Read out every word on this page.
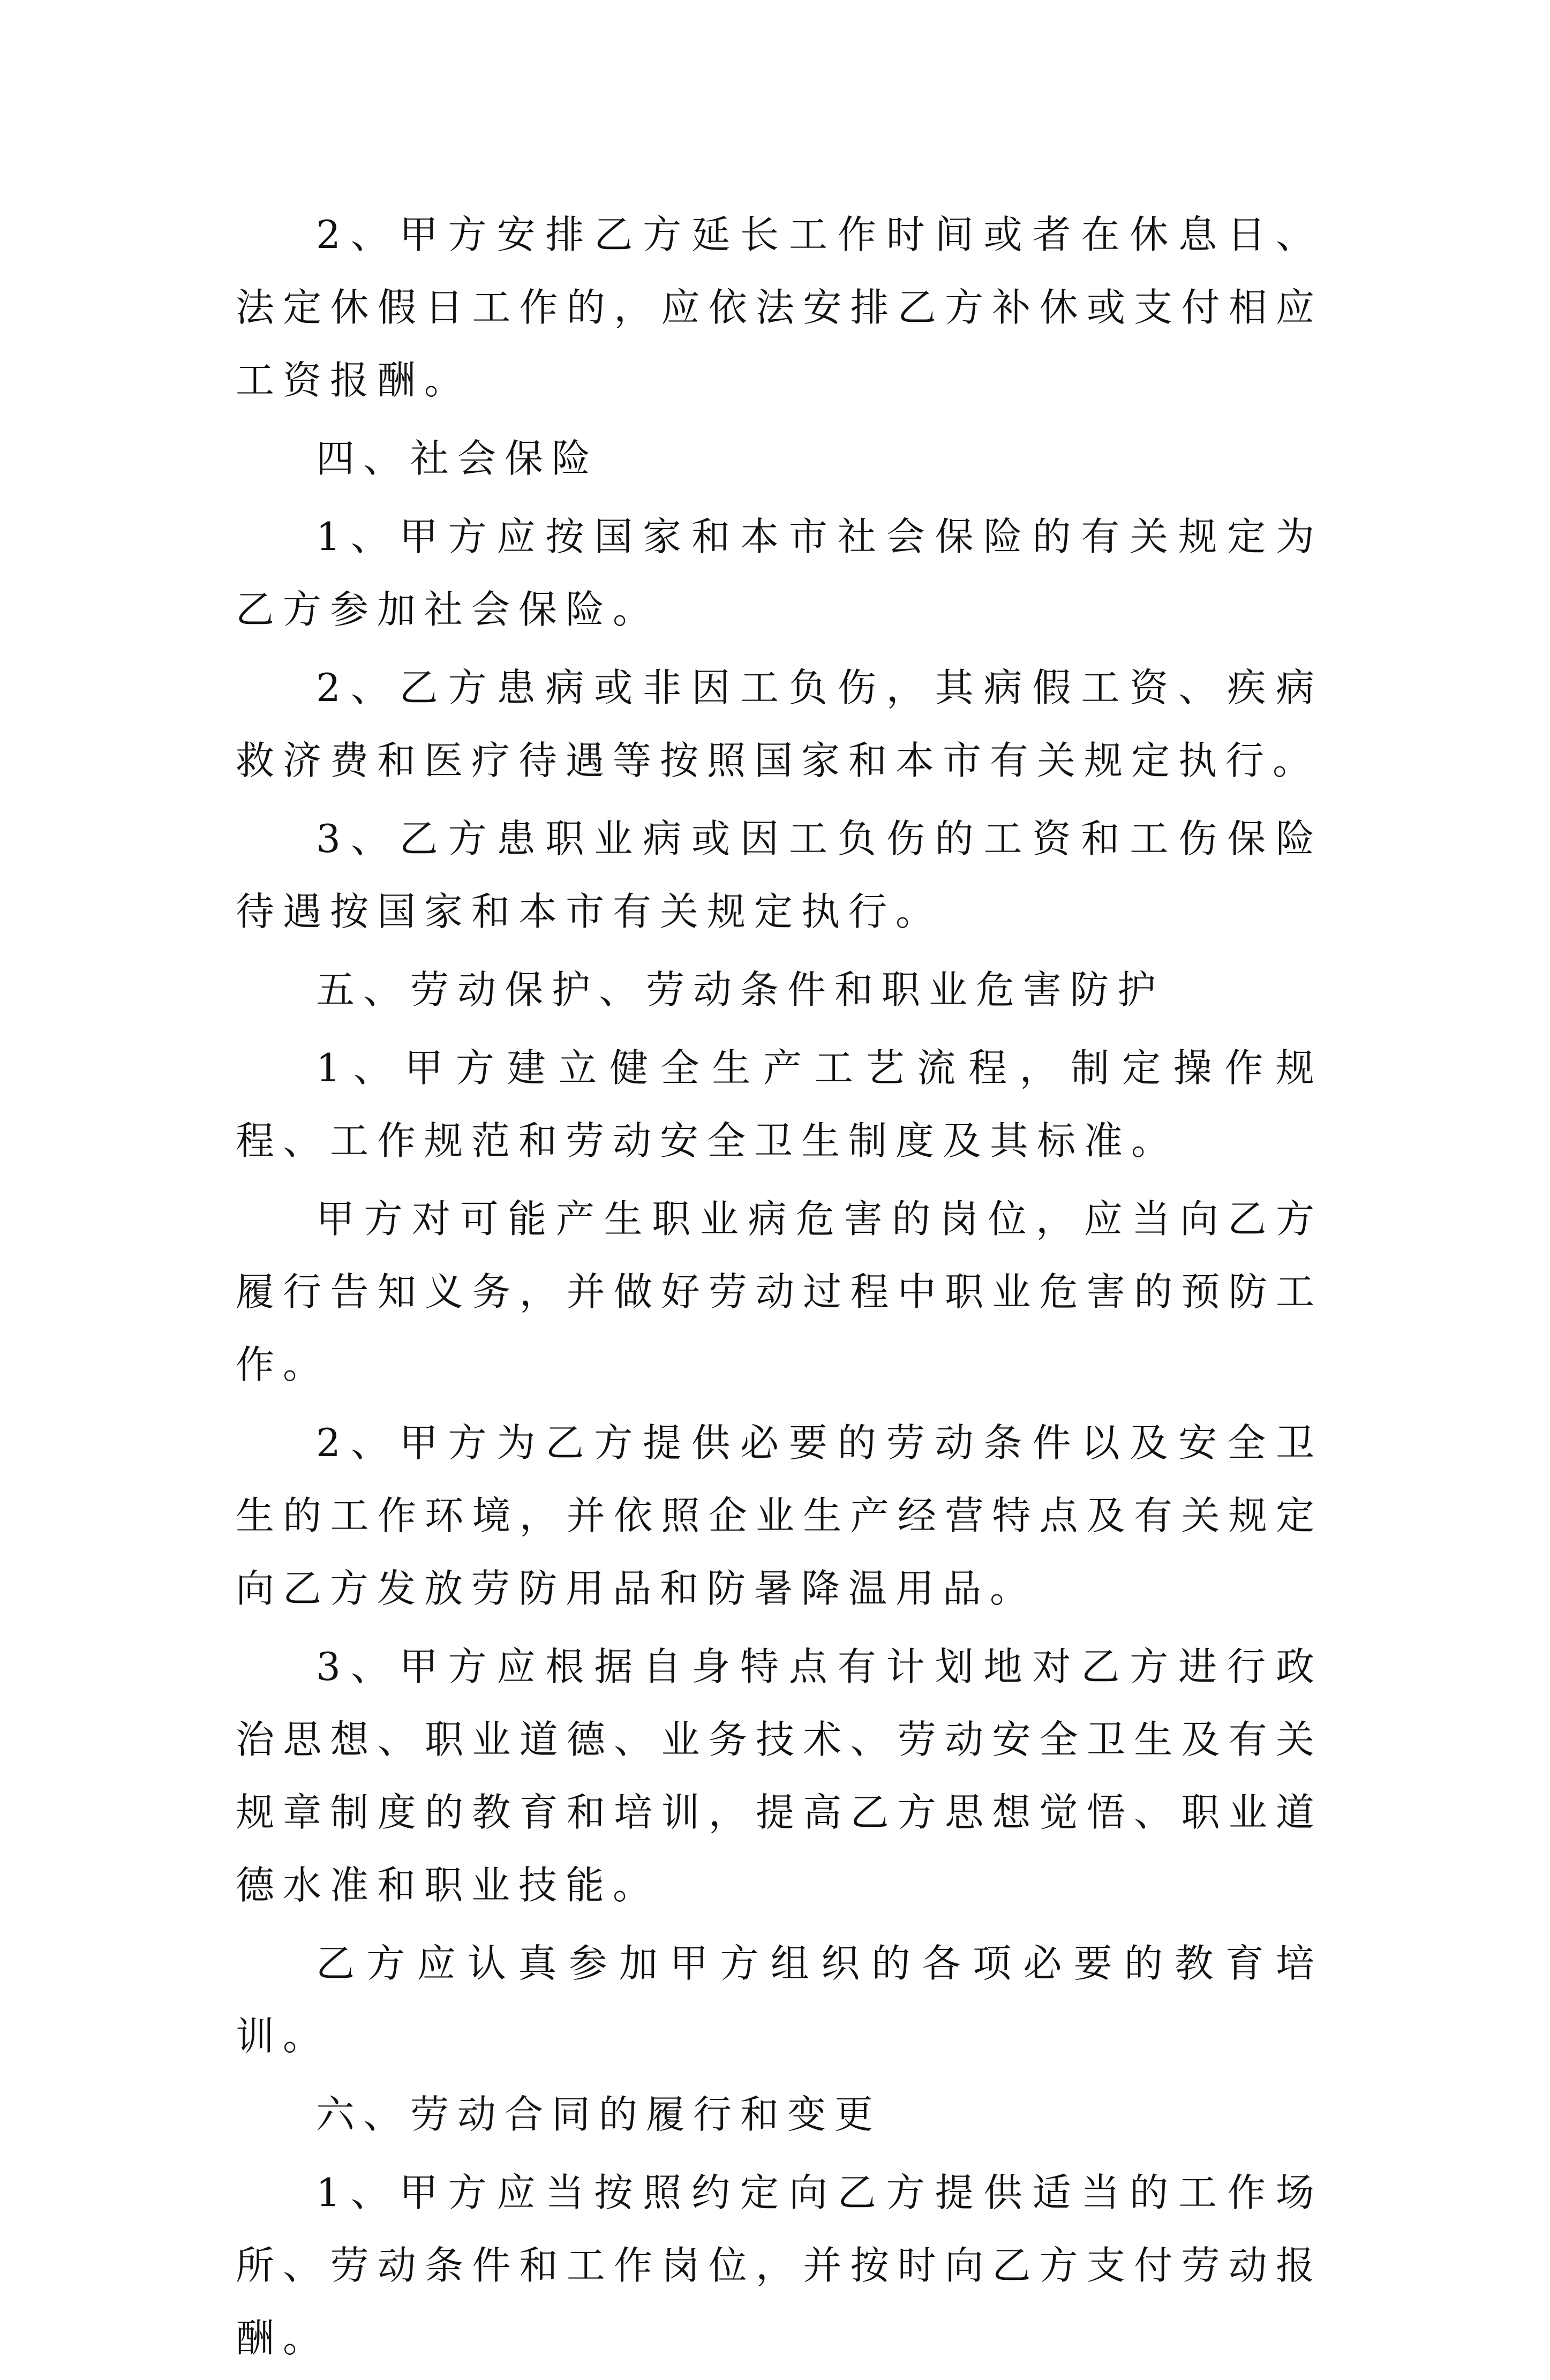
2、甲方安排乙方延长工作时间或者在休息日、法定休假日工作的，应依法安排乙方补休或支付相应工资报酬。

四、社会保险

1、甲方应按国家和本市社会保险的有关规定为乙方参加社会保险。

2、乙方患病或非因工负伤，其病假工资、疾病救济费和医疗待遇等按照国家和本市有关规定执行。

3、乙方患职业病或因工负伤的工资和工伤保险待遇按国家和本市有关规定执行。

五、劳动保护、劳动条件和职业危害防护

1、甲方建立健全生产工艺流程，制定操作规程、工作规范和劳动安全卫生制度及其标准。

甲方对可能产生职业病危害的岗位，应当向乙方履行告知义务，并做好劳动过程中职业危害的预防工作。

2、甲方为乙方提供必要的劳动条件以及安全卫生的工作环境，并依照企业生产经营特点及有关规定向乙方发放劳防用品和防暑降温用品。

3、甲方应根据自身特点有计划地对乙方进行政治思想、职业道德、业务技术、劳动安全卫生及有关规章制度的教育和培训，提高乙方思想觉悟、职业道德水准和职业技能。

乙方应认真参加甲方组织的各项必要的教育培训。

六、劳动合同的履行和变更

1、甲方应当按照约定向乙方提供适当的工作场所、劳动条件和工作岗位，并按时向乙方支付劳动报酬。
